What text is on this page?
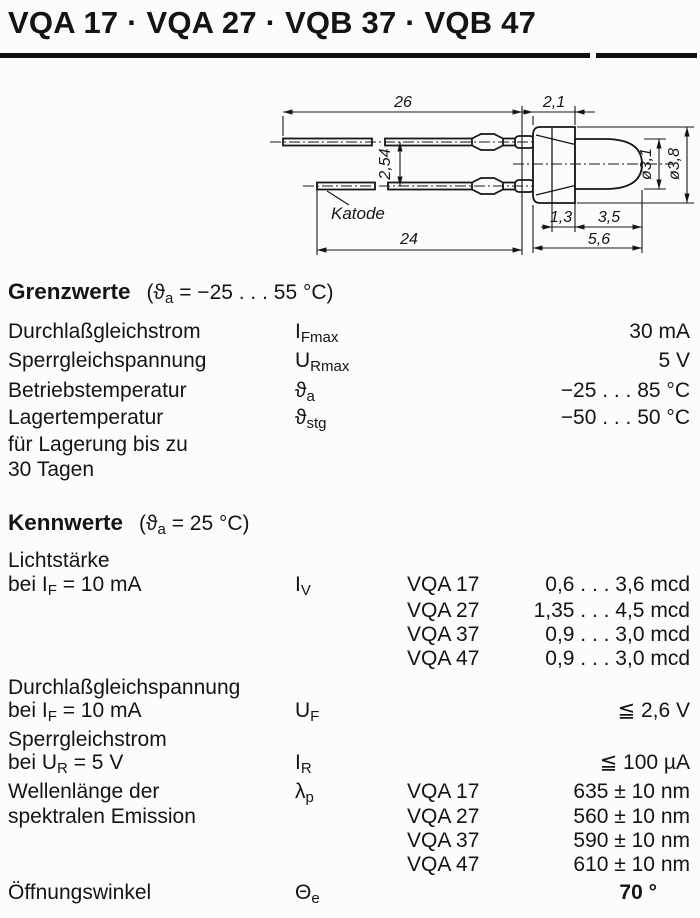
VQA 17 · VQA 27 · VQB 37 · VQB 47
26	2,1
2,54
Katode	1,3 3,5
5,6
24
ø3,1 ø3,8
Grenzwerte ($ϑ_a = -25$ . . . 55 °C)
Durchlaßgleichstrom	$I_{Fmax}$	30 mA
Sperrgleichspannung	$U_{Rmax}$	5 V
Betriebstemperatur	$ϑ_a$	−25 . . . 85 °C
Lagertemperatur	$ϑ_{stg}$	−50 . . . 50 °C
für Lagerung bis zu
30 Tagen
Kennwerte ($ϑ_a = 25$ °C)
Lichtstärke
bei $I_F = 10$ mA	$I_V$	VQA 17	0,6 . . . 3,6 mcd
VQA 27	1,35 . . . 4,5 mcd
VQA 37	0,9 . . . 3,0 mcd
VQA 47	0,9 . . . 3,0 mcd
Durchlaßgleichspannung
bei $I_F = 10$ mA	$U_F$	≦ 2,6 V
Sperrgleichstrom
bei $U_R = 5$ V	$I_R$	≦ 100 µA
Wellenlänge der
spektralen Emission
$\lambda_p$	VQA 17	635 ± 10 nm
VQA 27	560 ± 10 nm
VQA 37	590 ± 10 nm
VQA 47	610 ± 10 nm
Öffnungswinkel	$\Theta_e$	70 °
